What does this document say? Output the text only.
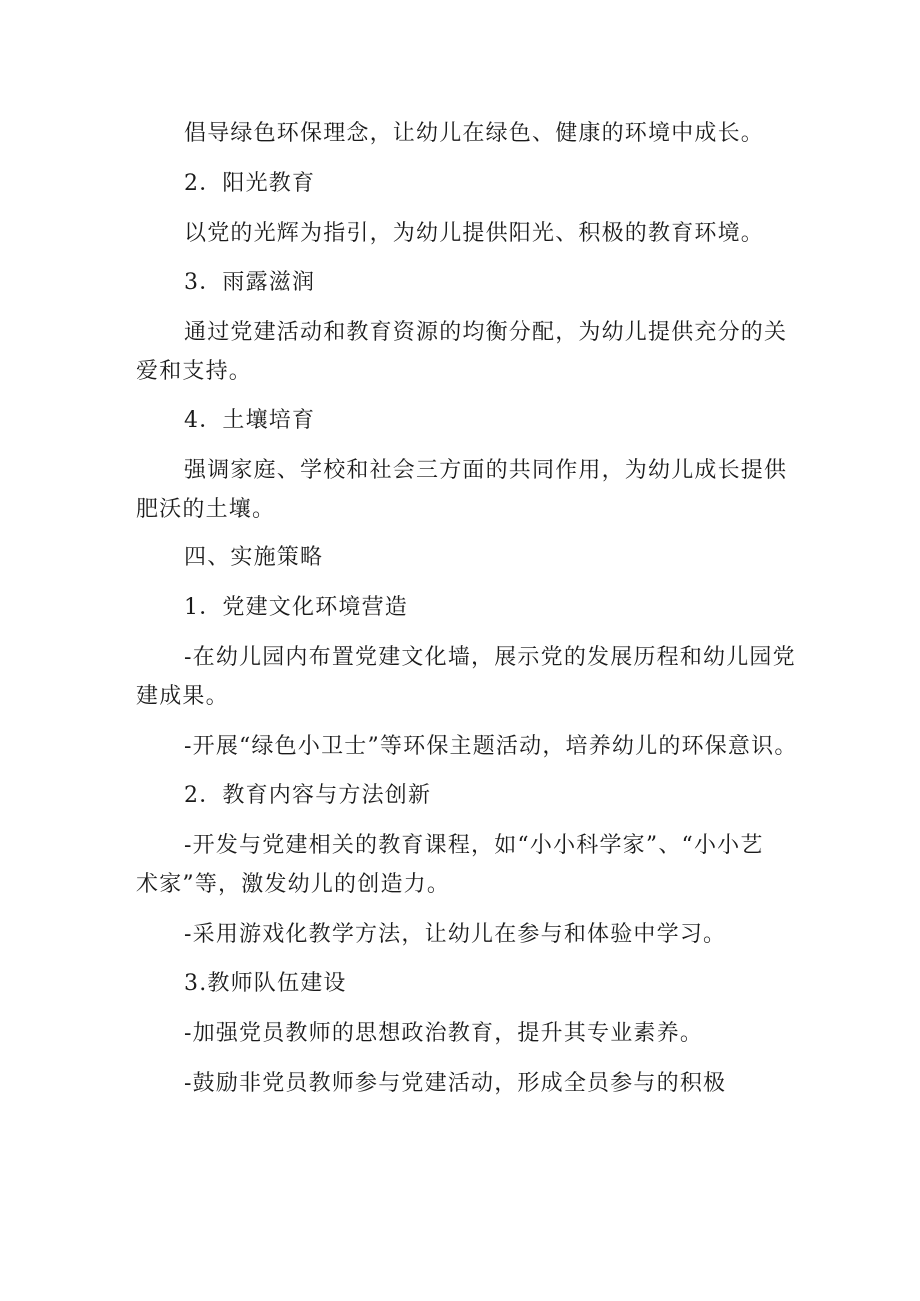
倡导绿色环保理念，让幼儿在绿色、健康的环境中成长。
2．阳光教育
以党的光辉为指引，为幼儿提供阳光、积极的教育环境。
3．雨露滋润
通过党建活动和教育资源的均衡分配，为幼儿提供充分的关
爱和支持。
4．土壤培育
强调家庭、学校和社会三方面的共同作用，为幼儿成长提供
肥沃的土壤。
四、实施策略
1．党建文化环境营造
-在幼儿园内布置党建文化墙，展示党的发展历程和幼儿园党
建成果。
-开展“绿色小卫士”等环保主题活动，培养幼儿的环保意识。
2．教育内容与方法创新
-开发与党建相关的教育课程，如“小小科学家”、“小小艺
术家”等，激发幼儿的创造力。
-采用游戏化教学方法，让幼儿在参与和体验中学习。
3.教师队伍建设
-加强党员教师的思想政治教育，提升其专业素养。
-鼓励非党员教师参与党建活动，形成全员参与的积极
